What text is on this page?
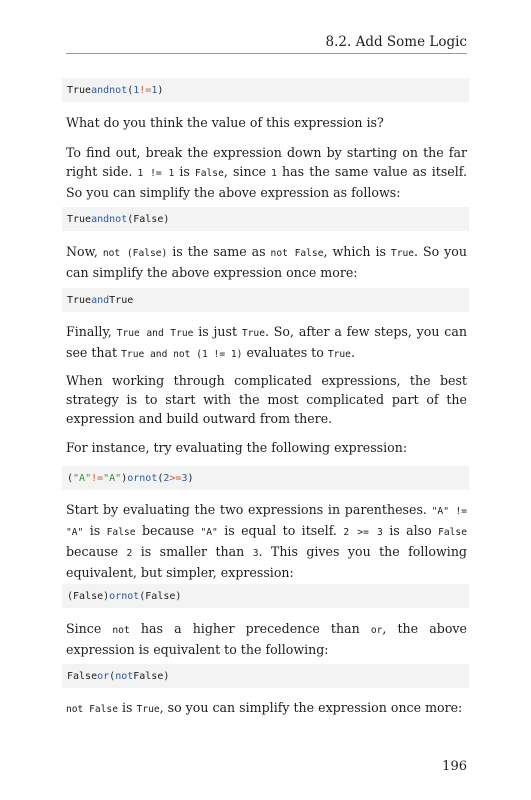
8.2. Add Some Logic
True and not ( 1 != 1 )
What do you think the value of this expression is?
To find out, break the expression down by starting on the far right side. 1 != 1 is False, since 1 has the same value as itself. So you can simplify the above expression as follows:
True and not (False)
Now, not (False) is the same as not False, which is True. So you can simplify the above expression once more:
True and True
Finally, True and True is just True. So, after a few steps, you can see that True and not (1 != 1) evaluates to True.
When working through complicated expressions, the best strategy is to start with the most complicated part of the expression and build outward from there.
For instance, try evaluating the following expression:
( "A" != "A" ) or not ( 2 >= 3 )
Start by evaluating the two expressions in parentheses. "A" != "A" is False because "A" is equal to itself. 2 >= 3 is also False because 2 is smaller than 3. This gives you the following equivalent, but simpler, expression:
(False) or not (False)
Since not has a higher precedence than or, the above expression is equivalent to the following:
False or ( not False)
not False is True, so you can simplify the expression once more:
196
